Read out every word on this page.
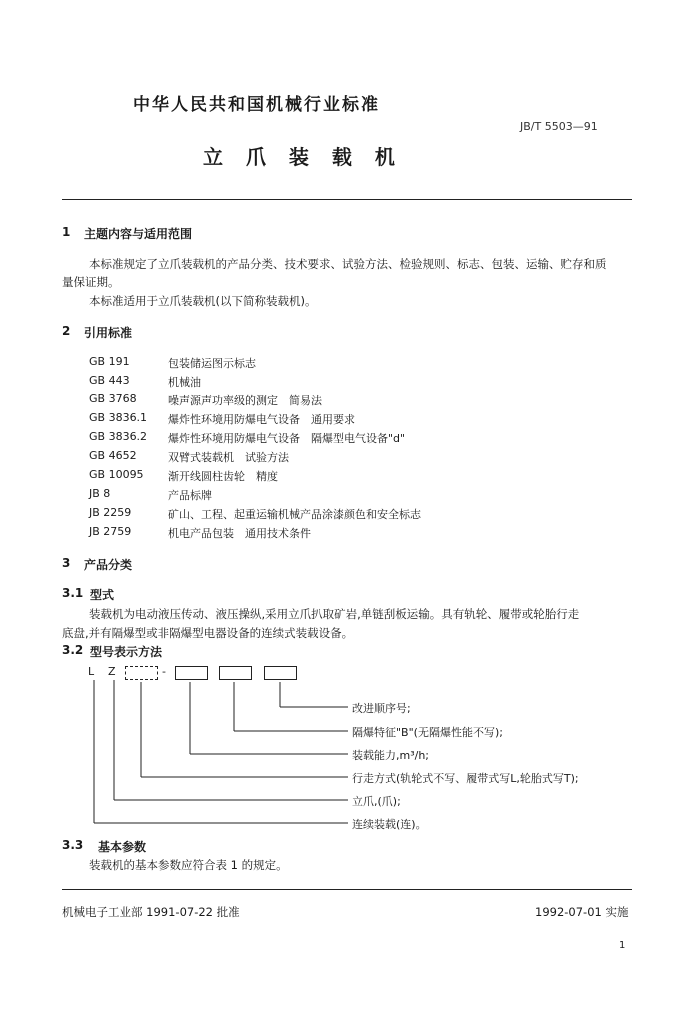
中华人民共和国机械行业标准
JB/T 5503—91
立 爪 装 载 机
1 主题内容与适用范围
本标准规定了立爪装载机的产品分类、技术要求、试验方法、检验规则、标志、包装、运输、贮存和质
量保证期。
本标准适用于立爪装载机(以下简称装载机)。
2 引用标准
GB 191	包装储运图示标志
GB 443	机械油
GB 3768	噪声源声功率级的测定　简易法
GB 3836.1 爆炸性环境用防爆电气设备　通用要求
GB 3836.2 爆炸性环境用防爆电气设备　隔爆型电气设备"d"
GB 4652	双臂式装载机　试验方法
GB 10095 渐开线圆柱齿轮　精度
JB 8	产品标牌
JB 2259	矿山、工程、起重运输机械产品涂漆颜色和安全标志
JB 2759	机电产品包装　通用技术条件
3 产品分类
3.1 型式
装载机为电动液压传动、液压操纵,采用立爪扒取矿岩,单链刮板运输。具有轨轮、履带或轮胎行走
底盘,并有隔爆型或非隔爆型电器设备的连续式装载设备。
3.2 型号表示方法
L Z	-
改进顺序号;
隔爆特征"B"(无隔爆性能不写);
装载能力,m³/h;
行走方式(轨轮式不写、履带式写L,轮胎式写T);
立爪,(爪);
连续装载(连)。
3.3 基本参数
装载机的基本参数应符合表 1 的规定。
机械电子工业部 1991-07-22 批准	1992-07-01 实施
1
